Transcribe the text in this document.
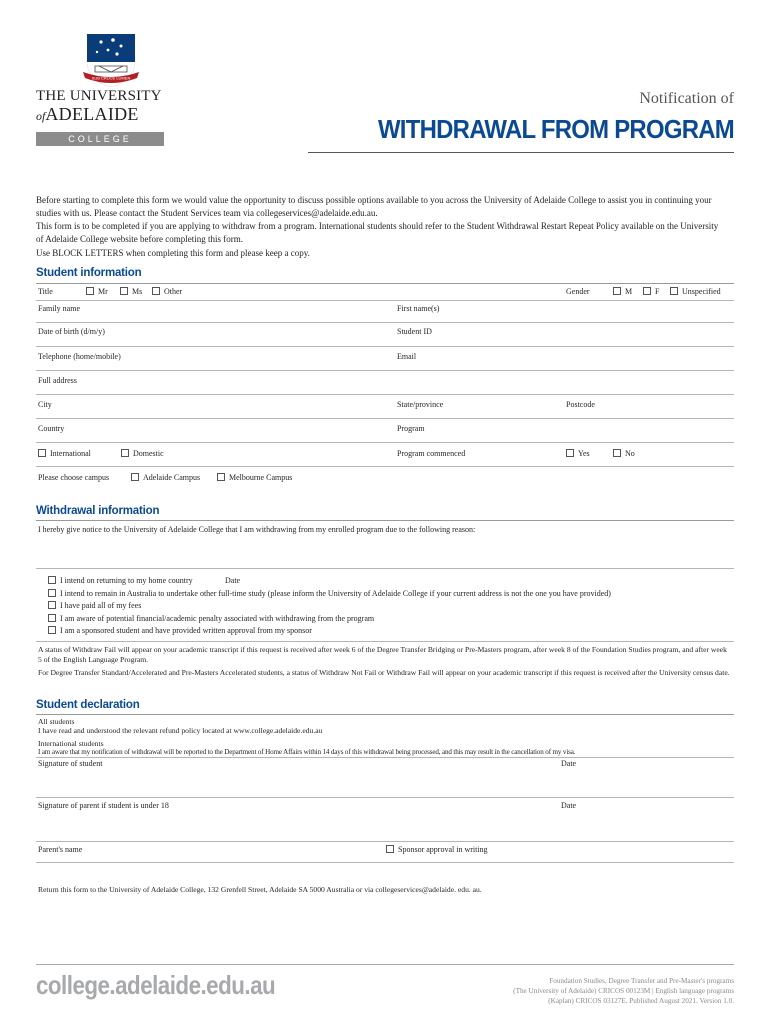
SUB CRUCE LUMEN
THE UNIVERSITY
ofADELAIDE
COLLEGE
Notification of
WITHDRAWAL FROM PROGRAM
Before starting to complete this form we would value the opportunity to discuss possible options available to you across the University of Adelaide College to assist you in continuing your studies with us. Please contact the Student Services team via collegeservices@adelaide.edu.au.
This form is to be completed if you are applying to withdraw from a program. International students should refer to the Student Withdrawal Restart Repeat Policy available on the University of Adelaide College website before completing this form.
Use BLOCK LETTERS when completing this form and please keep a copy.
Student information
Title	Mr	Ms	Other	Gender	M	F	Unspecified
Family name	First name(s)
Date of birth (d/m/y)	Student ID
Telephone (home/mobile)	Email
Full address
City	State/province	Postcode
Country	Program
International	Domestic	Program commenced	Yes	No
Please choose campus	Adelaide Campus	Melbourne Campus
Withdrawal information
I hereby give notice to the University of Adelaide College that I am withdrawing from my enrolled program due to the following reason:
I intend on returning to my home country	Date
I intend to remain in Australia to undertake other full-time study (please inform the University of Adelaide College if your current address is not the one you have provided)
I have paid all of my fees
I am aware of potential financial/academic penalty associated with withdrawing from the program
I am a sponsored student and have provided written approval from my sponsor
A status of Withdraw Fail will appear on your academic transcript if this request is received after week 6 of the Degree Transfer Bridging or Pre-Masters program, after week 8 of the Foundation Studies program, and after week 5 of the English Language Program.
For Degree Transfer Standard/Accelerated and Pre-Masters Accelerated students, a status of Withdraw Not Fail or Withdraw Fail will appear on your academic transcript if this request is received after the University census date.
Student declaration
All students
I have read and understood the relevant refund policy located at www.college.adelaide.edu.au
International students
I am aware that my notification of withdrawal will be reported to the Department of Home Affairs within 14 days of this withdrawal being processed, and this may result in the cancellation of my visa.
Signature of student	Date
Signature of parent if student is under 18	Date
Parent's name	Sponsor approval in writing
Return this form to the University of Adelaide College, 132 Grenfell Street, Adelaide SA 5000 Australia or via collegeservices@adelaide. edu. au.
college.adelaide.edu.au	Foundation Studies, Degree Transfer and Pre-Master's programs
(The University of Adelaide) CRICOS 00123M | English language programs
(Kaplan) CRICOS 03127E. Published August 2021. Version 1.0.
